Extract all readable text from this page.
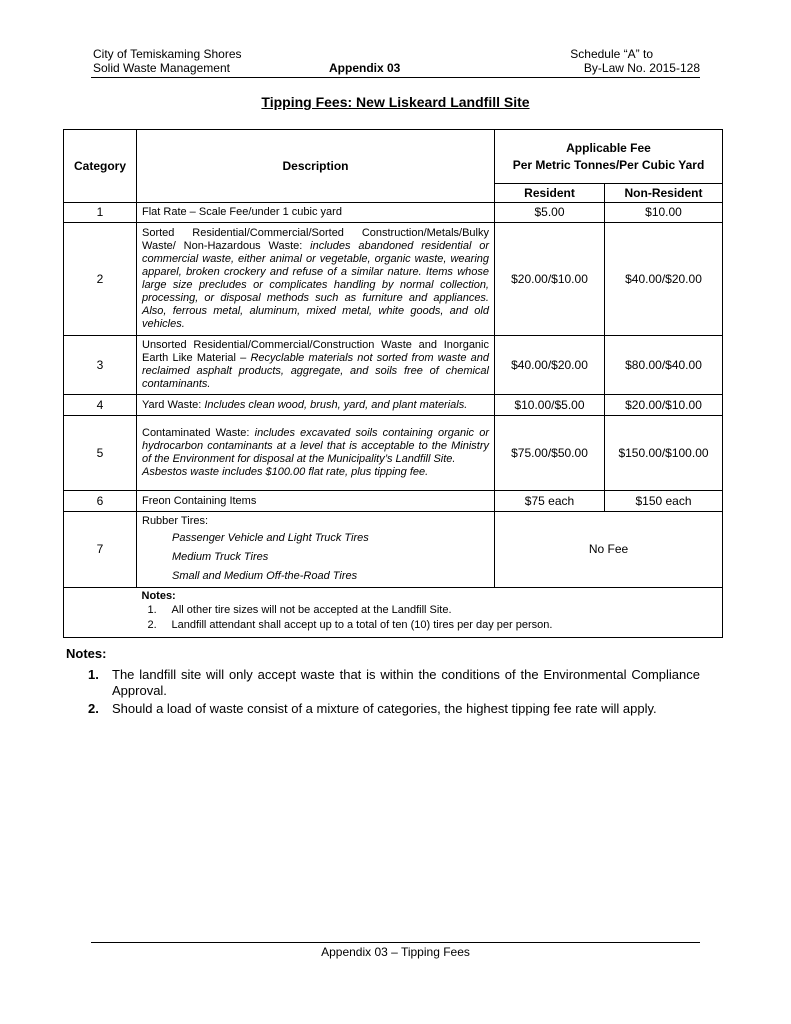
City of Temiskaming Shores
Solid Waste Management	Appendix 03
Schedule “A” to
By-Law No. 2015-128
Tipping Fees: New Liskeard Landfill Site
Category	Description	Applicable Fee
Per Metric Tonnes/Per Cubic Yard	

		Resident	Non-Resident
1	Flat Rate – Scale Fee/under 1 cubic yard	$5.00	$10.00
2	Sorted Residential/Commercial/Sorted Construction/Metals/Bulky Waste/ Non-Hazardous Waste: includes abandoned residential or commercial waste, either animal or vegetable, organic waste, wearing apparel, broken crockery and refuse of a similar nature. Items whose large size precludes or complicates handling by normal collection, processing, or disposal methods such as furniture and appliances. Also, ferrous metal, aluminum, mixed metal, white goods, and old vehicles.	$20.00/$10.00	$40.00/$20.00
3	Unsorted Residential/Commercial/Construction Waste and Inorganic Earth Like Material – Recyclable materials not sorted from waste and reclaimed asphalt products, aggregate, and soils free of chemical contaminants.	$40.00/$20.00	$80.00/$40.00
4	Yard Waste: Includes clean wood, brush, yard, and plant materials.	$10.00/$5.00	$20.00/$10.00
5	Contaminated Waste: includes excavated soils containing organic or hydrocarbon contaminants at a level that is acceptable to the Ministry of the Environment for disposal at the Municipality’s Landfill Site.
Asbestos waste includes $100.00 flat rate, plus tipping fee.	$75.00/$50.00	$150.00/$100.00
6	Freon Containing Items	$75 each	$150 each
7	Rubber Tires:
Passenger Vehicle and Light Truck Tires
Medium Truck Tires
Small and Medium Off-the-Road Tires	No Fee	

	Notes:
1. All other tire sizes will not be accepted at the Landfill Site.
2. Landfill attendant shall accept up to a total of ten (10) tires per day per person.		
Notes:
1. The landfill site will only accept waste that is within the conditions of the Environmental Compliance Approval.
2. Should a load of waste consist of a mixture of categories, the highest tipping fee rate will apply.
Appendix 03 – Tipping Fees
